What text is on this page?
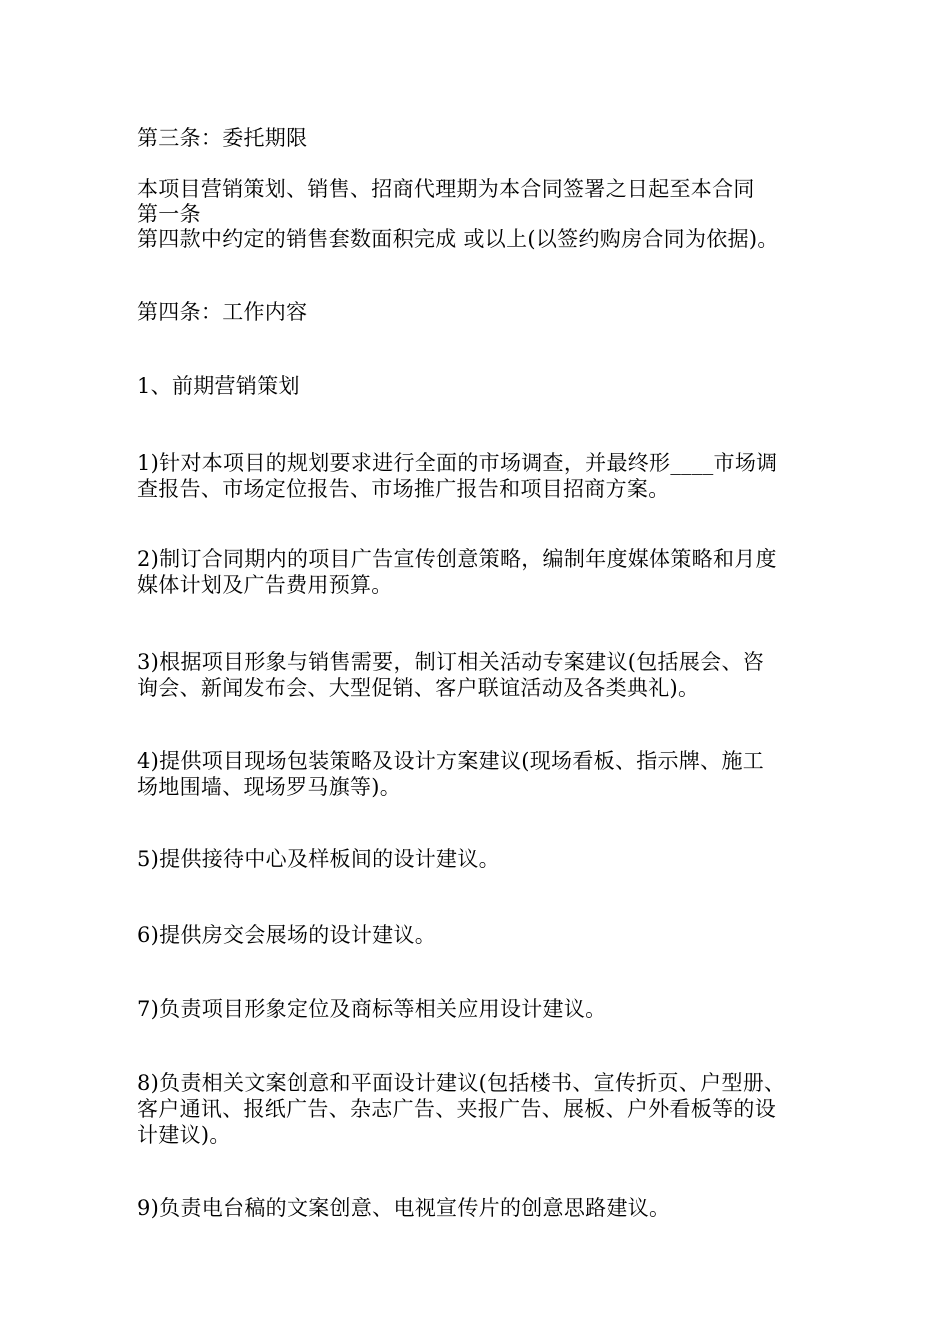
第三条：委托期限
本项目营销策划、销售、招商代理期为本合同签署之日起至本合同
第一条
第四款中约定的销售套数面积完成 或以上(以签约购房合同为依据)。
第四条：工作内容
1、前期营销策划
1)针对本项目的规划要求进行全面的市场调查，并最终形____市场调
查报告、市场定位报告、市场推广报告和项目招商方案。
2)制订合同期内的项目广告宣传创意策略，编制年度媒体策略和月度
媒体计划及广告费用预算。
3)根据项目形象与销售需要，制订相关活动专案建议(包括展会、咨
询会、新闻发布会、大型促销、客户联谊活动及各类典礼)。
4)提供项目现场包装策略及设计方案建议(现场看板、指示牌、施工
场地围墙、现场罗马旗等)。
5)提供接待中心及样板间的设计建议。
6)提供房交会展场的设计建议。
7)负责项目形象定位及商标等相关应用设计建议。
8)负责相关文案创意和平面设计建议(包括楼书、宣传折页、户型册、
客户通讯、报纸广告、杂志广告、夹报广告、展板、户外看板等的设
计建议)。
9)负责电台稿的文案创意、电视宣传片的创意思路建议。
